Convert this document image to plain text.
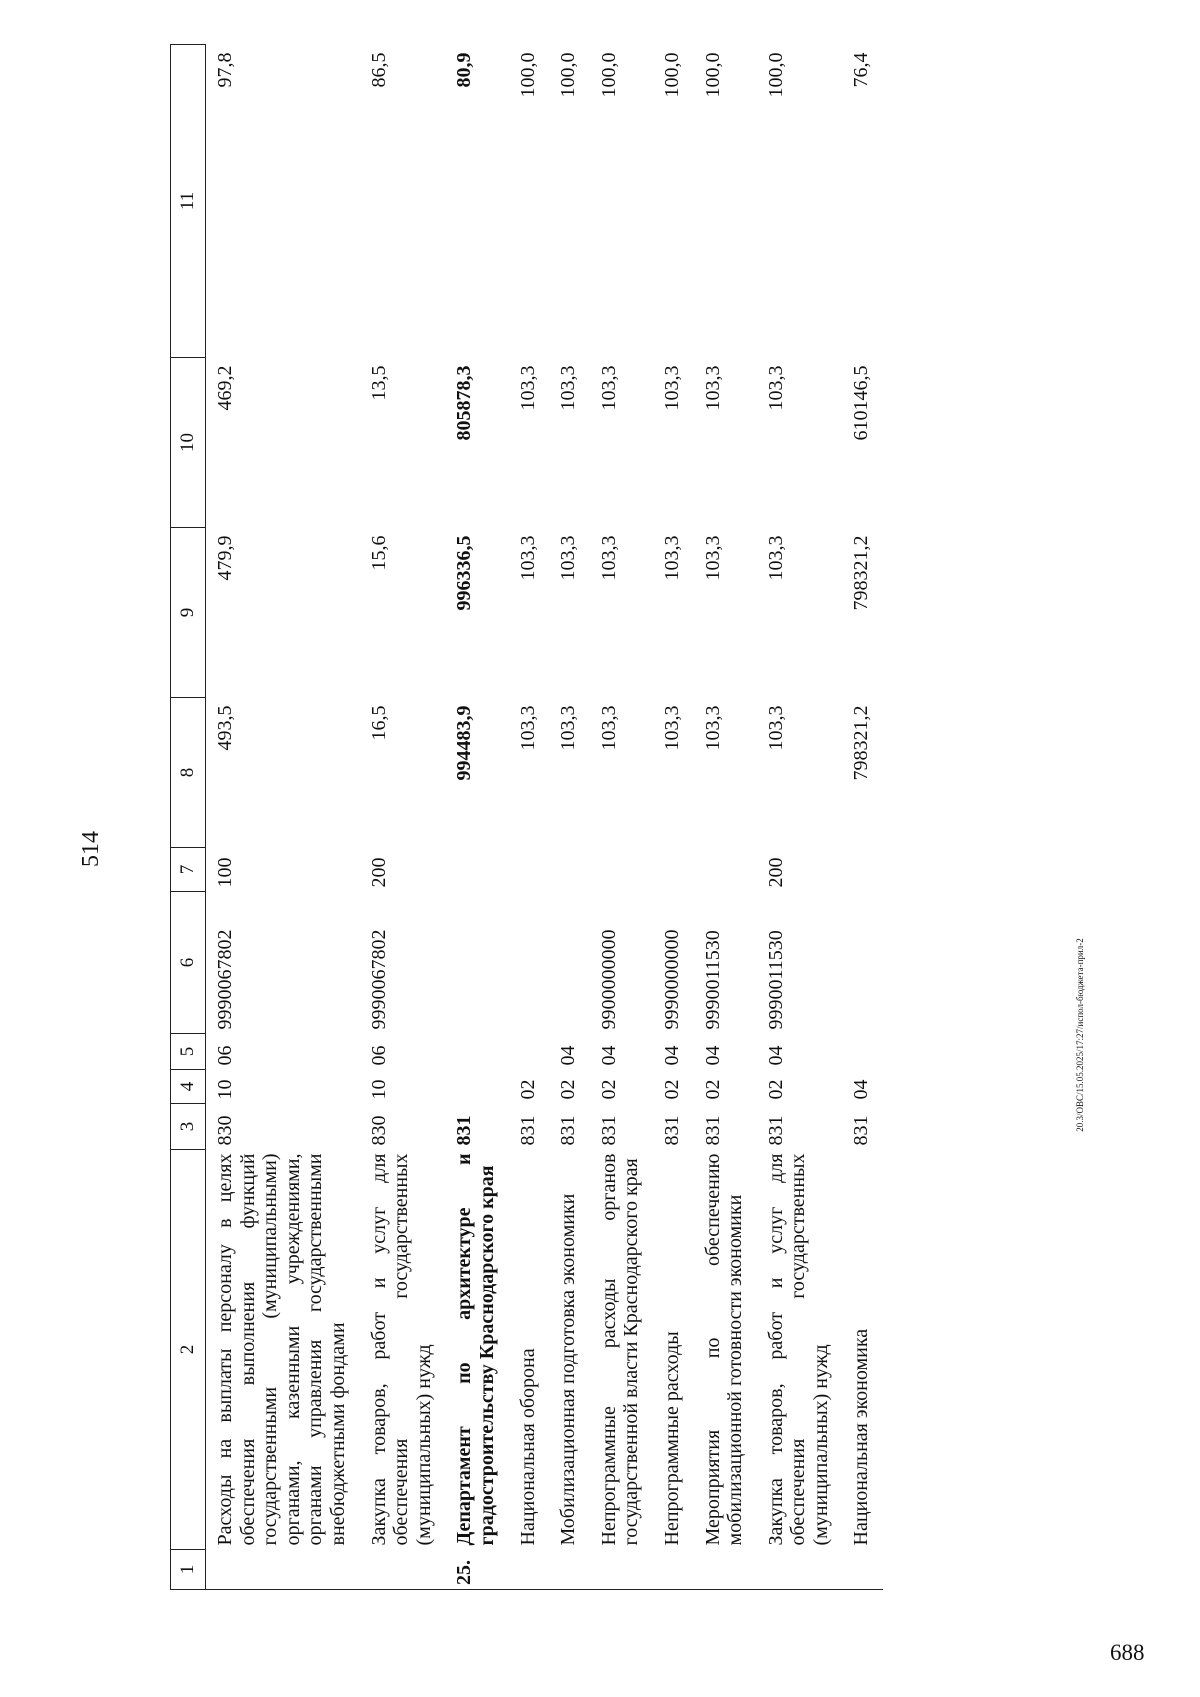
514
1	2	3	4	5	6	7	8	9	10	11
	Расходы на выплаты персоналу в целях обеспечения выполнения функций государственными (муниципальными) органами, казенными учреждениями, органами управления государственными внебюджетными фондами	830	10	06	9990067802	100	493,5	479,9	469,2	97,8
	Закупка товаров, работ и услуг для обеспечения государственных (муниципальных) нужд	830	10	06	9990067802	200	16,5	15,6	13,5	86,5
25.	Департамент по архитектуре и градостроительству Краснодарского края	831					994483,9	996336,5	805878,3	80,9
	Национальная оборона	831	02				103,3	103,3	103,3	100,0
	Мобилизационная подготовка экономики	831	02	04			103,3	103,3	103,3	100,0
	Непрограммные расходы органов государственной власти Краснодарского края	831	02	04	9900000000		103,3	103,3	103,3	100,0
	Непрограммные расходы	831	02	04	9990000000		103,3	103,3	103,3	100,0
	Мероприятия по обеспечению мобилизационной готовности экономики	831	02	04	9990011530		103,3	103,3	103,3	100,0
	Закупка товаров, работ и услуг для обеспечения государственных (муниципальных) нужд	831	02	04	9990011530	200	103,3	103,3	103,3	100,0
	Национальная экономика	831	04				798321,2	798321,2	610146,5	76,4
20.3/ОВС/15.05.2025/17:27/испол-бюджета-прил-2
688
